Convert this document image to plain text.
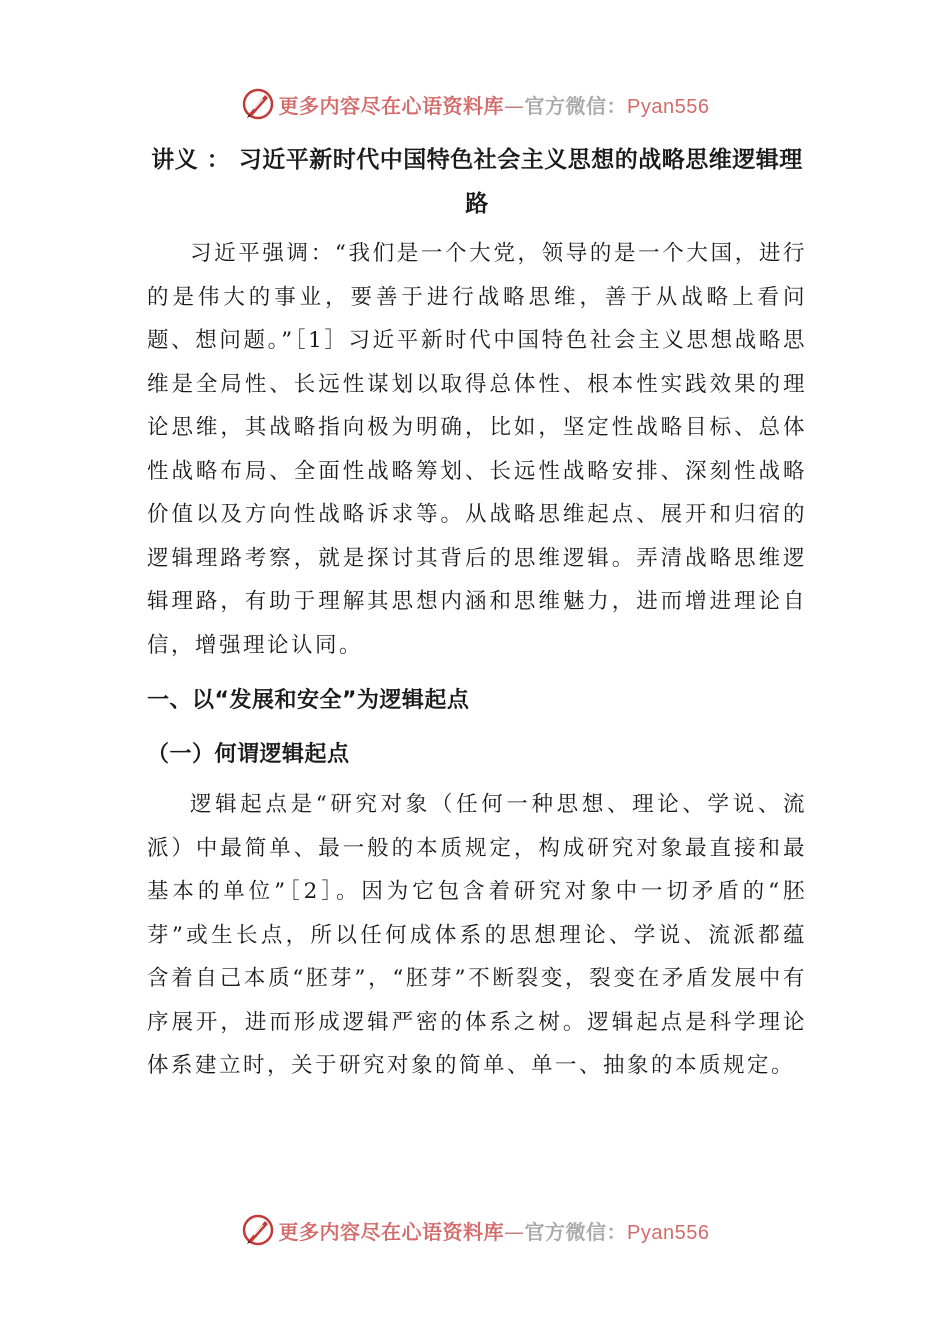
更多内容尽在心语资料库—官方微信：Pyan556
讲义 ： 习近平新时代中国特色社会主义思想的战略思维逻辑理路

习近平强调：“我们是一个大党，领导的是一个大国，进行的是伟大的事业，要善于进行战略思维，善于从战略上看问题、想问题。”［1］习近平新时代中国特色社会主义思想战略思维是全局性、长远性谋划以取得总体性、根本性实践效果的理论思维，其战略指向极为明确，比如，坚定性战略目标、总体性战略布局、全面性战略筹划、长远性战略安排、深刻性战略价值以及方向性战略诉求等。从战略思维起点、展开和归宿的逻辑理路考察，就是探讨其背后的思维逻辑。弄清战略思维逻辑理路，有助于理解其思想内涵和思维魅力，进而增进理论自信，增强理论认同。

一、以“发展和安全”为逻辑起点
（一）何谓逻辑起点

逻辑起点是“研究对象（任何一种思想、理论、学说、流派）中最简单、最一般的本质规定，构成研究对象最直接和最基本的单位”［2］。因为它包含着研究对象中一切矛盾的“胚芽”或生长点，所以任何成体系的思想理论、学说、流派都蕴含着自己本质“胚芽”，“胚芽”不断裂变，裂变在矛盾发展中有序展开，进而形成逻辑严密的体系之树。逻辑起点是科学理论体系建立时，关于研究对象的简单、单一、抽象的本质规定。

更多内容尽在心语资料库—官方微信：Pyan556
